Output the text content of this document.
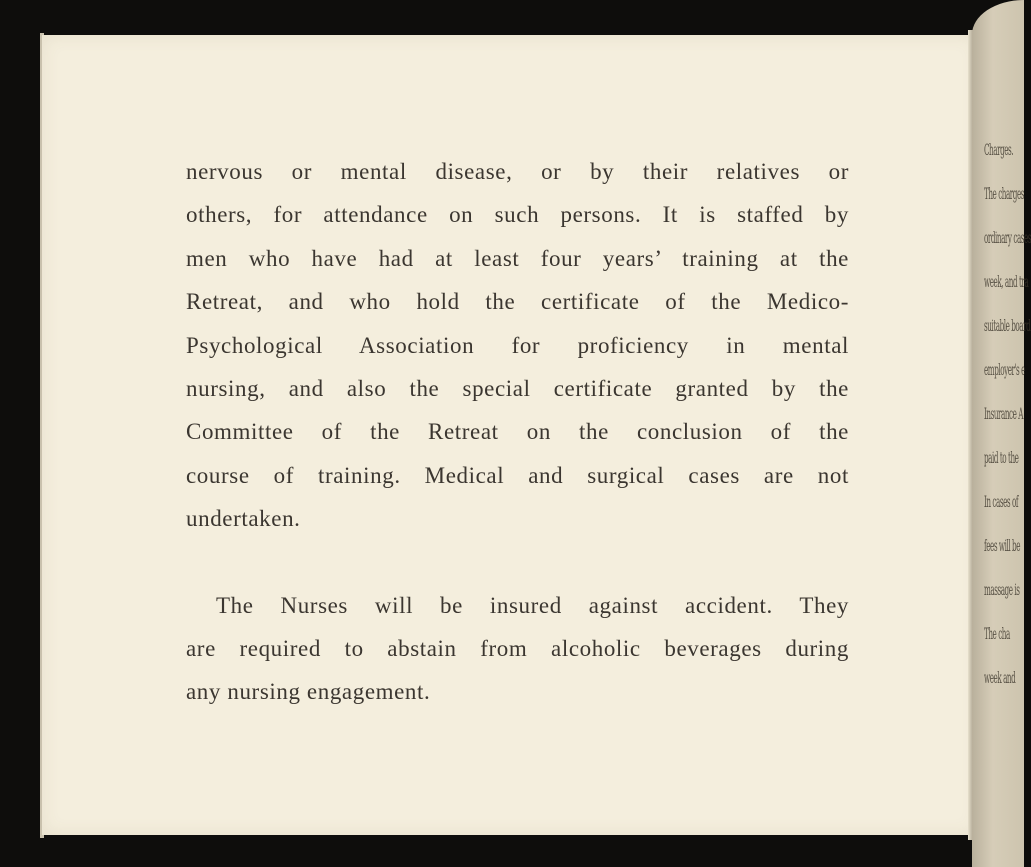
Charges.
The charges
ordinary cases
week, and tra
suitable board
employer's e
Insurance A
paid to the
In cases of
fees will be
massage is
The cha
week and

nervous or mental disease, or by their relatives or
others, for attendance on such persons. It is staffed by
men who have had at least four years’ training at the
Retreat, and who hold the certificate of the Medico-
Psychological Association for proficiency in mental
nursing, and also the special certificate granted by the
Committee of the Retreat on the conclusion of the
course of training. Medical and surgical cases are not
undertaken.

The Nurses will be insured against accident. They
are required to abstain from alcoholic beverages during
any nursing engagement.
